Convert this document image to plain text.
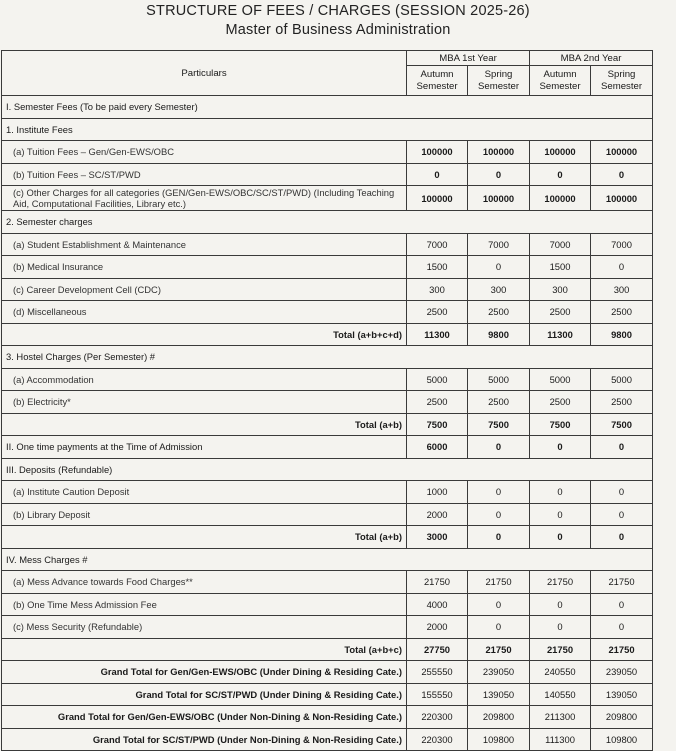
STRUCTURE OF FEES / CHARGES (SESSION 2025-26)
Master of Business Administration
Particulars	MBA 1st Year		MBA 2nd Year	
	Autumn Semester	Spring Semester	Autumn Semester	Spring Semester
I. Semester Fees (To be paid every Semester)				
1. Institute Fees				
(a) Tuition Fees – Gen/Gen-EWS/OBC	100000	100000	100000	100000
(b) Tuition Fees – SC/ST/PWD	0	0	0	0
(c) Other Charges for all categories (GEN/Gen-EWS/OBC/SC/ST/PWD) (Including Teaching Aid, Computational Facilities, Library etc.)	100000	100000	100000	100000
2. Semester charges				
(a) Student Establishment & Maintenance	7000	7000	7000	7000
(b) Medical Insurance	1500	0	1500	0
(c) Career Development Cell (CDC)	300	300	300	300
(d) Miscellaneous	2500	2500	2500	2500
Total (a+b+c+d)	11300	9800	11300	9800
3. Hostel Charges (Per Semester) #				
(a) Accommodation	5000	5000	5000	5000
(b) Electricity*	2500	2500	2500	2500
Total (a+b)	7500	7500	7500	7500
II. One time payments at the Time of Admission	6000	0	0	0
III. Deposits (Refundable)				
(a) Institute Caution Deposit	1000	0	0	0
(b) Library Deposit	2000	0	0	0
Total (a+b)	3000	0	0	0
IV. Mess Charges #				
(a) Mess Advance towards Food Charges**	21750	21750	21750	21750
(b) One Time Mess Admission Fee	4000	0	0	0
(c) Mess Security (Refundable)	2000	0	0	0
Total (a+b+c)	27750	21750	21750	21750
Grand Total for Gen/Gen-EWS/OBC (Under Dining & Residing Cate.)	255550	239050	240550	239050
Grand Total for SC/ST/PWD (Under Dining & Residing Cate.)	155550	139050	140550	139050
Grand Total for Gen/Gen-EWS/OBC (Under Non-Dining & Non-Residing Cate.)	220300	209800	211300	209800
Grand Total for SC/ST/PWD (Under Non-Dining & Non-Residing Cate.)	220300	109800	111300	109800
